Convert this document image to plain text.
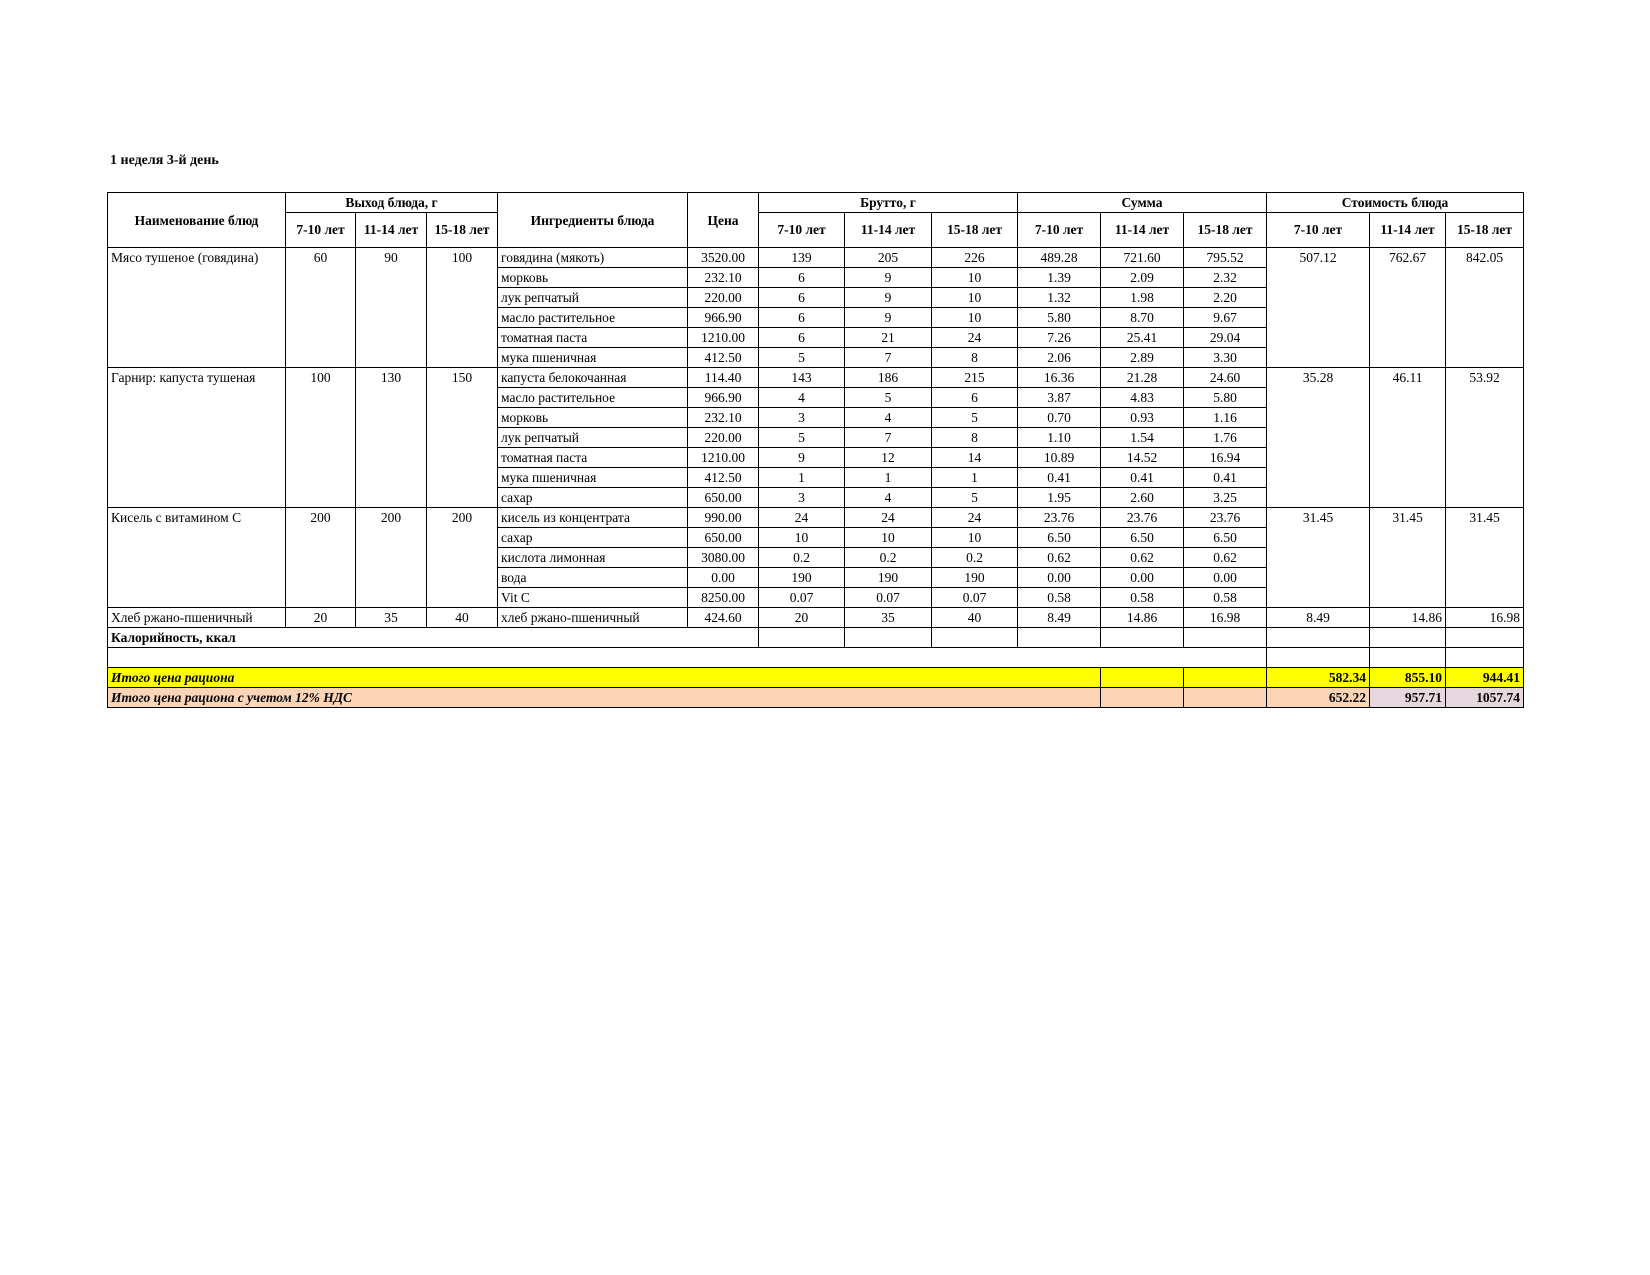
1 неделя 3-й день
Наименование блюд	Выход блюда, г			Ингредиенты блюда	Цена	Брутто, г			Сумма			Стоимость блюда		
	7-10 лет	11-14 лет	15-18 лет			7-10 лет	11-14 лет	15-18 лет	7-10 лет	11-14 лет	15-18 лет	7-10 лет	11-14 лет	15-18 лет
Мясо тушеное (говядина)	60	90	100	говядина (мякоть)	3520.00	139	205	226	489.28	721.60	795.52	507.12	762.67	842.05
				морковь	232.10	6	9	10	1.39	2.09	2.32			
				лук репчатый	220.00	6	9	10	1.32	1.98	2.20			
				масло растительное	966.90	6	9	10	5.80	8.70	9.67			
				томатная паста	1210.00	6	21	24	7.26	25.41	29.04			
				мука пшеничная	412.50	5	7	8	2.06	2.89	3.30			
Гарнир: капуста тушеная	100	130	150	капуста белокочанная	114.40	143	186	215	16.36	21.28	24.60	35.28	46.11	53.92
				масло растительное	966.90	4	5	6	3.87	4.83	5.80			
				морковь	232.10	3	4	5	0.70	0.93	1.16			
				лук репчатый	220.00	5	7	8	1.10	1.54	1.76			
				томатная паста	1210.00	9	12	14	10.89	14.52	16.94			
				мука пшеничная	412.50	1	1	1	0.41	0.41	0.41			
				сахар	650.00	3	4	5	1.95	2.60	3.25			
Кисель с витамином С	200	200	200	кисель из концентрата	990.00	24	24	24	23.76	23.76	23.76	31.45	31.45	31.45
				сахар	650.00	10	10	10	6.50	6.50	6.50			
				кислота лимонная	3080.00	0.2	0.2	0.2	0.62	0.62	0.62			
				вода	0.00	190	190	190	0.00	0.00	0.00			
				Vit C	8250.00	0.07	0.07	0.07	0.58	0.58	0.58			
Хлеб ржано-пшеничный	20	35	40	хлеб ржано-пшеничный	424.60	20	35	40	8.49	14.86	16.98	8.49	14.86	16.98
Калорийность, ккал														

Итого цена рациона												582.34	855.10	944.41
Итого цена рациона с учетом 12% НДС												652.22	957.71	1057.74
